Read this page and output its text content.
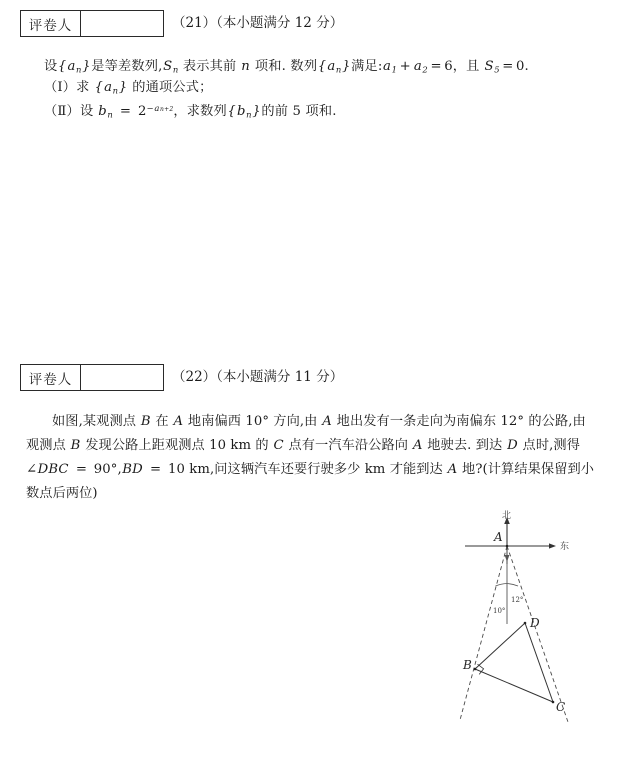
评卷人	（21）（本小题满分 12 分）
设$\{a_n\}$是等差数列$,S_n$ 表示其前 n 项和. 数列$\{a_n\}$满足$:a_1 + a_2 = 6$，且 $S_5 = 0$.
（Ⅰ）求 $\{a_n\}$ 的通项公式；
（Ⅱ）设 $b_n = 2^{-an+2}$，求数列$\{b_n\}$的前 5 项和.
评卷人	（22）（本小题满分 11 分）
如图,某观测点 B 在 A 地南偏西 10° 方向,由 A 地出发有一条走向为南偏东 12° 的公路,由
观测点 B 发现公路上距观测点 10 km 的 C 点有一汽车沿公路向 A 地驶去. 到达 D 点时,测得
∠DBC = 90°,BD = 10 km,问这辆汽车还要行驶多少 km 才能到达 A 地?(计算结果保留到小
数点后两位)
北
东
10°
12°
A
B
D
C
